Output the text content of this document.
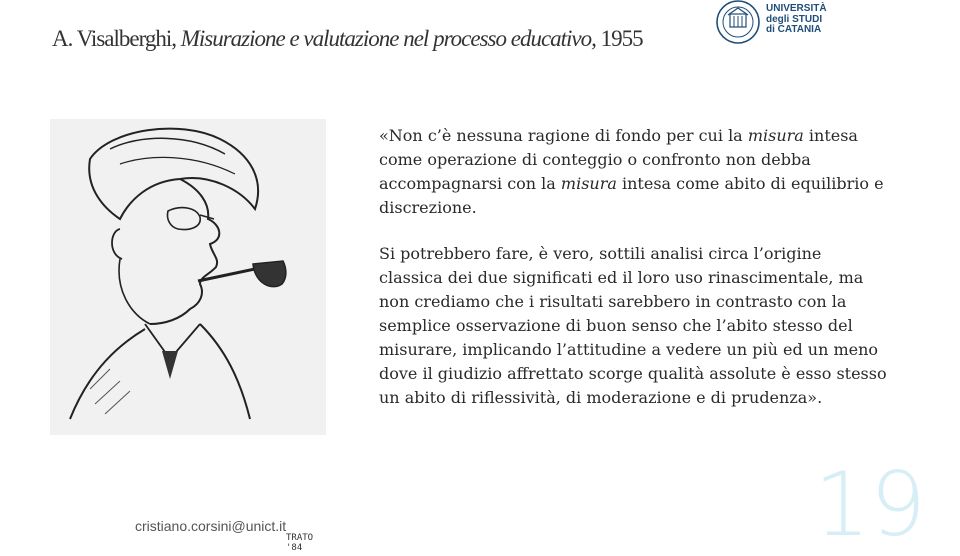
A. Visalberghi, Misurazione e valutazione nel processo educativo, 1955
UNIVERSITÀ
degli STUDI
di CATANIA
TRATO '84

«Non c’è nessuna ragione di fondo per cui la misura intesa come operazione di conteggio o confronto non debba accompagnarsi con la misura intesa come abito di equilibrio e discrezione.

Si potrebbero fare, è vero, sottili analisi circa l’origine classica dei due significati ed il loro uso rinascimentale, ma non crediamo che i risultati sarebbero in contrasto con la semplice osservazione di buon senso che l’abito stesso del misurare, implicando l’attitudine a vedere un più ed un meno dove il giudizio affrettato scorge qualità assolute è esso stesso un abito di riflessività, di moderazione e di prudenza».

cristiano.corsini@unict.it	19
